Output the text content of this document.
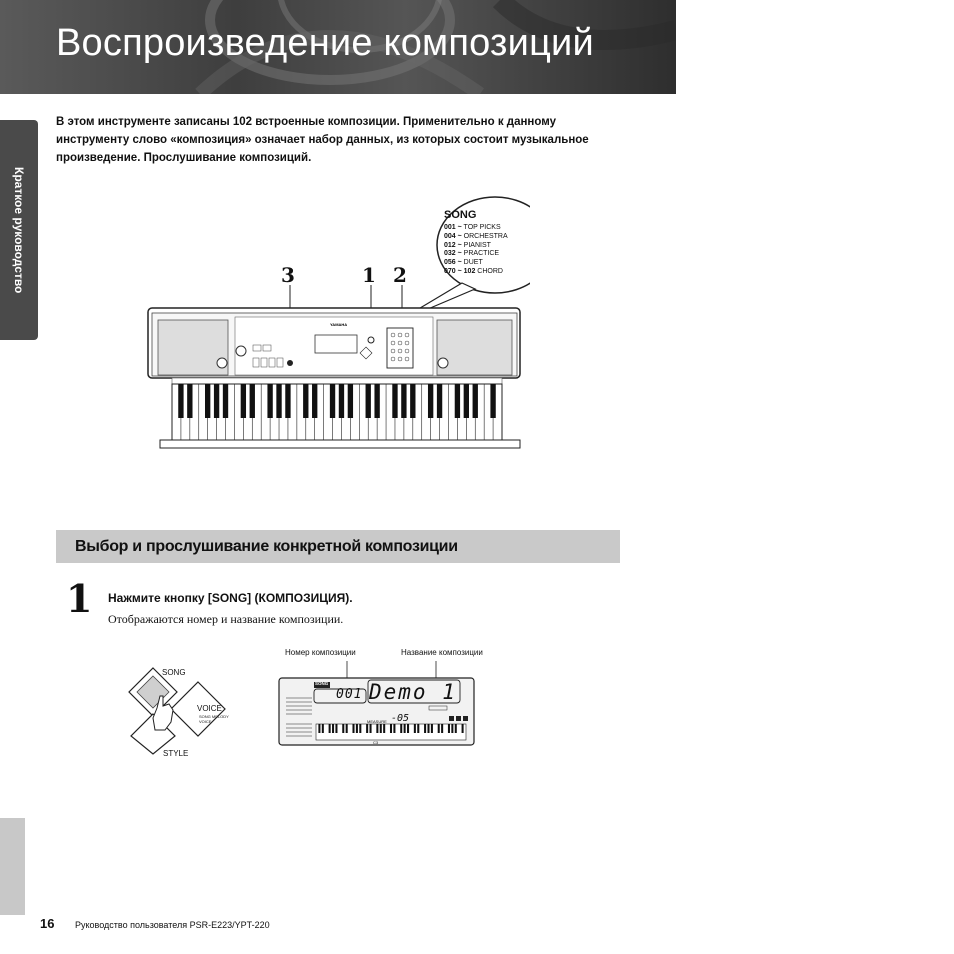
Воспроизведение композиций
Краткое руководство
В этом инструменте записаны 102 встроенные композиции. Применительно к данному инструменту слово «композиция» означает набор данных, из которых состоит музыкальное произведение. Прослушивание композиций.
YAMAHA
3	1 2
SONG
001 ~ TOP PICKS
004 ~ ORCHESTRA
012 ~ PIANIST
032 ~ PRACTICE
056 ~ DUET
070 ~ 102 CHORD
Выбор и прослушивание конкретной композиции
1 Нажмите кнопку [SONG] (КОМПОЗИЦИЯ).
Отображаются номер и название композиции.
SONG
VOICE
SONG MELODY VOICE
STYLE
Номер композиции	Название композиции
SONG
001 Demo 1
MEASURE -05
C3
16 Руководство пользователя PSR-E223/YPT-220
